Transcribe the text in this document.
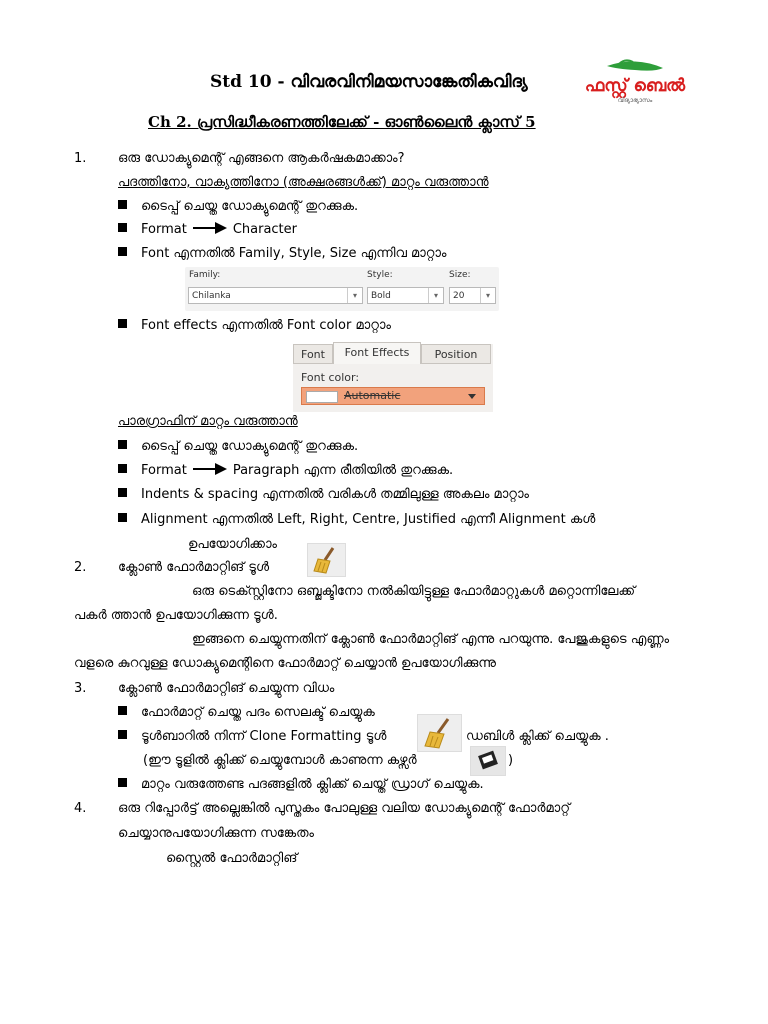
Std 10 - വിവരവിനിമയസാങ്കേതികവിദ്യ	ഫസ്റ്റ് ബെൽ
വിദ്യാഭ്യാസം
Ch 2. പ്രസിദ്ധീകരണത്തിലേക്ക് - ഓൺലൈൻ ക്ലാസ് 5
1. ഒരു ഡോക്യുമെന്റ് എങ്ങനെ ആകർഷകമാക്കാം?
പദത്തിനോ, വാക്യത്തിനോ (അക്ഷരങ്ങൾക്ക്) മാറ്റം വരുത്താൻ
ടൈപ്പ് ചെയ്ത ഡോക്യുമെന്റ് തുറക്കുക.
Format	Character
Font എന്നതിൽ Family, Style, Size എന്നിവ മാറ്റാം
Family:
Chilanka	▾
Style:
Bold	▾
Size:
20	▾
Font effects എന്നതിൽ Font color മാറ്റാം
Font	Font Effects	Position
Font color:
Automatic
പാരഗ്രാഫിന് മാറ്റം വരുത്താൻ
ടൈപ്പ് ചെയ്ത ഡോക്യുമെന്റ് തുറക്കുക.
Format	Paragraph എന്ന രീതിയിൽ തുറക്കുക.
Indents & spacing എന്നതിൽ വരികൾ തമ്മിലുള്ള അകലം മാറ്റാം
Alignment എന്നതിൽ Left, Right, Centre, Justified എന്നീ Alignment കൾ
ഉപയോഗിക്കാം
2. ക്ലോൺ ഫോർമാറ്റിങ് ടൂൾ
ഒരു ടെക്സ്റ്റിനോ ഒബ്ജക്ടിനോ നൽകിയിട്ടുള്ള ഫോർമാറ്റുകൾ മറ്റൊന്നിലേക്ക്
പകർ ത്താൻ ഉപയോഗിക്കുന്ന ടൂൾ.
ഇങ്ങനെ ചെയ്യുന്നതിന് ക്ലോൺ ഫോർമാറ്റിങ് എന്നു പറയുന്നു. പേജുകളുടെ എണ്ണം
വളരെ കുറവുള്ള ഡോക്യുമെന്റിനെ ഫോർമാറ്റ് ചെയ്യാൻ ഉപയോഗിക്കുന്നു
3. ക്ലോൺ ഫോർമാറ്റിങ് ചെയ്യുന്ന വിധം
ഫോർമാറ്റ് ചെയ്ത പദം സെലക്ട് ചെയ്യുക
ടൂൾബാറിൽ നിന്ന് Clone Formatting ടൂൾ	ഡബിൾ ക്ലിക്ക് ചെയ്യുക .
(ഈ ടൂളിൽ ക്ലിക്ക് ചെയ്യുമ്പോൾ കാണുന്ന കഴ്സർ	)
മാറ്റം വരുത്തേണ്ട പദങ്ങളിൽ ക്ലിക്ക് ചെയ്ത് ഡ്രാഗ് ചെയ്യുക.
4. ഒരു റിപ്പോർട്ട് അല്ലെങ്കിൽ പുസ്തകം പോലുള്ള വലിയ ഡോക്യുമെന്റ് ഫോർമാറ്റ്
ചെയ്യാനുപയോഗിക്കുന്ന സങ്കേതം
സ്റ്റൈൽ ഫോർമാറ്റിങ്
